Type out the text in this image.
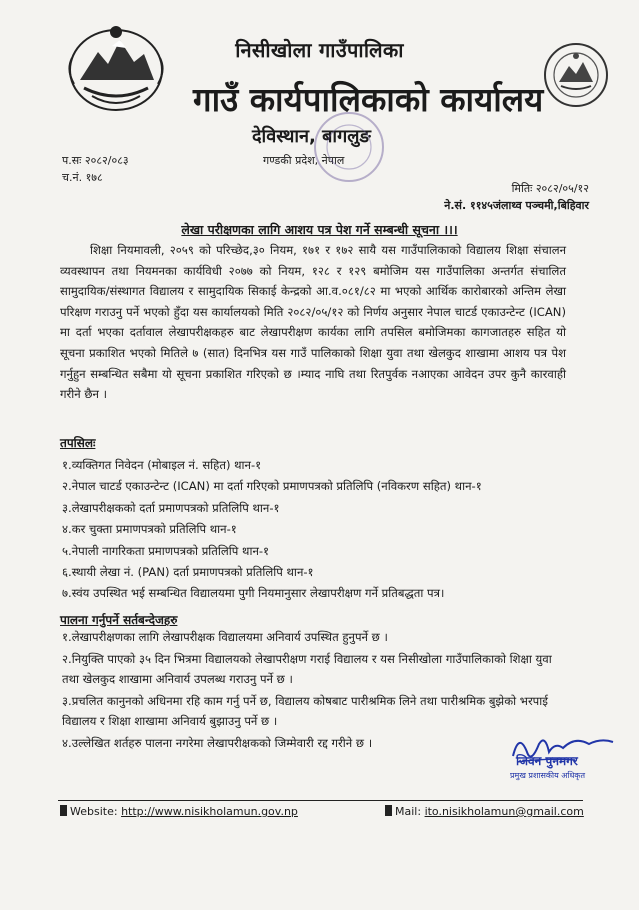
निसीखोला गाउँपालिका
गाउँ कार्यपालिकाको कार्यालय
देविस्थान, बागलुङ
गण्डकी प्रदेश, नेपाल
प.सः २०८२/०८३
च.नं. १७८
मितिः २०८२/०५/१२
ने.सं. ११४५जंलाथ्व पञ्चमी,बिहिवार
लेखा परीक्षणका लागि आशय पत्र पेश गर्ने सम्बन्धी सूचना ।।।

शिक्षा नियमावली, २०५९ को परिच्छेद,३० नियम, १७१ र १७२ सायै यस गाउँपालिकाको विद्यालय शिक्षा संचालन व्यवस्थापन तथा नियमनका कार्यविधी २०७७ को नियम, १२८ र १२९ बमोजिम यस गाउँपालिका अन्तर्गत संचालित सामुदायिक/संस्थागत विद्यालय र सामुदायिक सिकाई केन्द्रको आ.व.०८१/८२ मा भएको आर्थिक कारोबारको अन्तिम लेखा परिक्षण गराउनु पर्ने भएको हुँदा यस कार्यालयको मिति २०८२/०५/१२ को निर्णय अनुसार नेपाल चाटर्ड एकाउन्टेन्ट (ICAN) मा दर्ता भएका दर्तावाल लेखापरीक्षकहरु बाट लेखापरीक्षण कार्यका लागि तपसिल बमोजिमका कागजातहरु सहित यो सूचना प्रकाशित भएको मितिले ७ (सात) दिनभित्र यस गाउँ पालिकाको शिक्षा युवा तथा खेलकुद शाखामा आशय पत्र पेश गर्नुहुन सम्बन्धित सबैमा यो सूचना प्रकाशित गरिएको छ ।म्याद नाघि तथा रितपुर्वक नआएका आवेदन उपर कुनै कारवाही गरीने छैन ।

तपसिलः
१.व्यक्तिगत निवेदन (मोबाइल नं. सहित) थान-१
२.नेपाल चाटर्ड एकाउन्टेन्ट (ICAN) मा दर्ता गरिएको प्रमाणपत्रको प्रतिलिपि (नविकरण सहित) थान-१
३.लेखापरीक्षकको दर्ता प्रमाणपत्रको प्रतिलिपि थान-१
४.कर चुक्ता प्रमाणपत्रको प्रतिलिपि थान-१
५.नेपाली नागरिकता प्रमाणपत्रको प्रतिलिपि थान-१
६.स्थायी लेखा नं. (PAN) दर्ता प्रमाणपत्रको प्रतिलिपि थान-१
७.स्वंय उपस्थित भई सम्बन्धित विद्यालयमा पुगी नियमानुसार लेखापरीक्षण गर्ने प्रतिबद्धता पत्र।
पालना गर्नुपर्ने सर्तबन्देजहरु
१.लेखापरीक्षणका लागि लेखापरीक्षक विद्यालयमा अनिवार्य उपस्थित हुनुपर्ने छ ।
२.नियुक्ति पाएको ३५ दिन भित्रमा विद्यालयको लेखापरीक्षण गराई विद्यालय र यस निसीखोला गाउँपालिकाको शिक्षा युवा तथा खेलकुद शाखामा अनिवार्य उपलब्ध गराउनु पर्ने छ ।
३.प्रचलित कानुनको अधिनमा रहि काम गर्नु पर्ने छ, विद्यालय कोषबाट पारीश्रमिक लिने तथा पारीश्रमिक बुझेको भरपाई विद्यालय र शिक्षा शाखामा अनिवार्य बुझाउनु पर्ने छ ।
४.उल्लेखित शर्तहरु पालना नगरेमा लेखापरीक्षकको जिम्मेवारी रद्द गरीने छ ।
जिवन पुनमगर
प्रमुख प्रशासकीय अधिकृत
Website: http://www.nisikholamun.gov.np	Mail: ito.nisikholamun@gmail.com
